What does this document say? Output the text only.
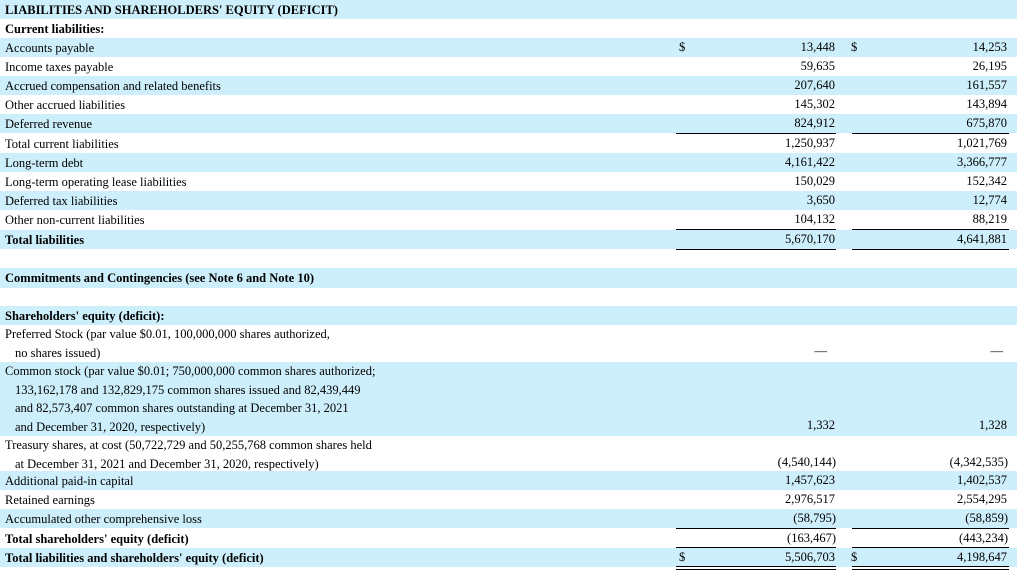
LIABILITIES AND SHAREHOLDERS' EQUITY (DEFICIT)
Current liabilities:
Accounts payable	$	13,448 $	14,253
Income taxes payable	59,635	26,195
Accrued compensation and related benefits	207,640	161,557
Other accrued liabilities	145,302	143,894
Deferred revenue	824,912	675,870
Total current liabilities	1,250,937	1,021,769
Long-term debt	4,161,422	3,366,777
Long-term operating lease liabilities	150,029	152,342
Deferred tax liabilities	3,650	12,774
Other non-current liabilities	104,132	88,219
Total liabilities	5,670,170	4,641,881
Commitments and Contingencies (see Note 6 and Note 10)
Shareholders' equity (deficit):
Preferred Stock (par value $0.01, 100,000,000 shares authorized,
no shares issued)	—	—
Common stock (par value $0.01; 750,000,000 common shares authorized;
133,162,178 and 132,829,175 common shares issued and 82,439,449
and 82,573,407 common shares outstanding at December 31, 2021
and December 31, 2020, respectively)	1,332	1,328
Treasury shares, at cost (50,722,729 and 50,255,768 common shares held
at December 31, 2021 and December 31, 2020, respectively)	(4,540,144)	(4,342,535)
Additional paid-in capital	1,457,623	1,402,537
Retained earnings	2,976,517	2,554,295
Accumulated other comprehensive loss	(58,795)	(58,859)
Total shareholders' equity (deficit)	(163,467)	(443,234)
Total liabilities and shareholders' equity (deficit)	$	5,506,703 $	4,198,647
